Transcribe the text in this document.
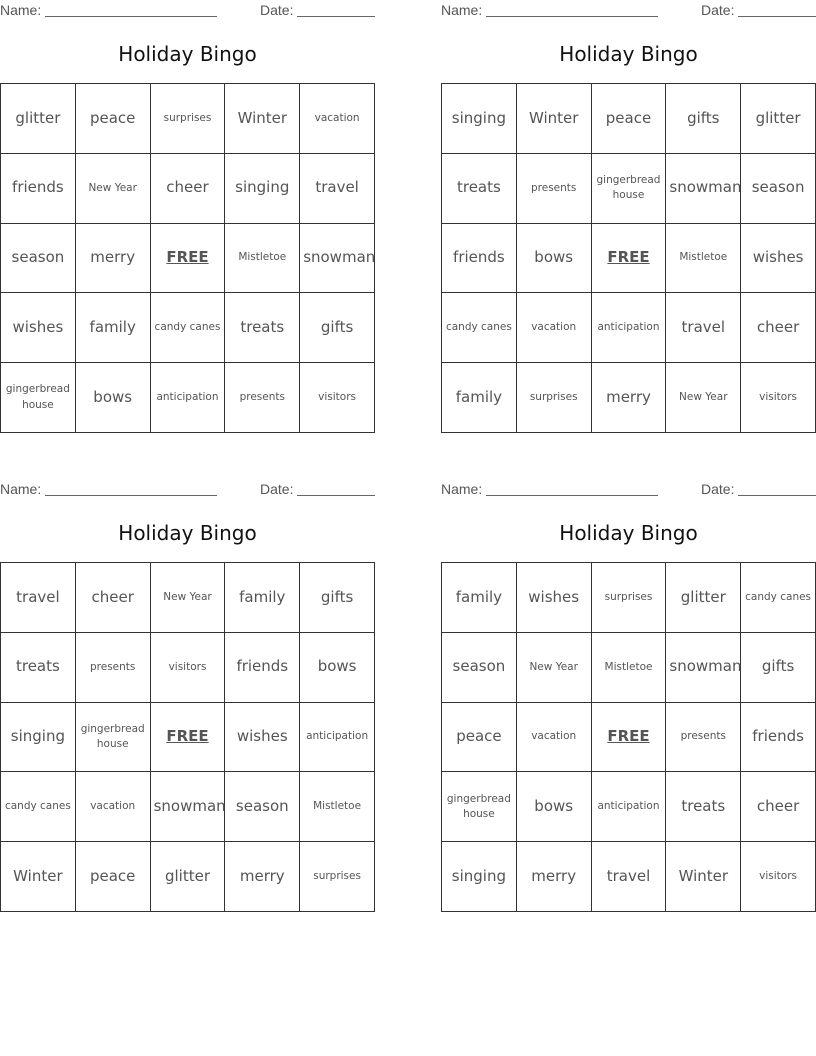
Name:	Date:
Holiday Bingo
glitter	peace	surprises	Winter	vacation
friends	New Year	cheer	singing	travel
season	merry	FREE	Mistletoe	snowman
wishes	family	candy canes	treats	gifts
gingerbread house	bows	anticipation	presents	visitors
Name:	Date:
Holiday Bingo
singing	Winter	peace	gifts	glitter
treats	presents	gingerbread house	snowman	season
friends	bows	FREE	Mistletoe	wishes
candy canes	vacation	anticipation	travel	cheer
family	surprises	merry	New Year	visitors
Name:	Date:
Holiday Bingo
travel	cheer	New Year	family	gifts
treats	presents	visitors	friends	bows
singing	gingerbread house	FREE	wishes	anticipation
candy canes	vacation	snowman	season	Mistletoe
Winter	peace	glitter	merry	surprises
Name:	Date:
Holiday Bingo
family	wishes	surprises	glitter	candy canes
season	New Year	Mistletoe	snowman	gifts
peace	vacation	FREE	presents	friends
gingerbread house	bows	anticipation	treats	cheer
singing	merry	travel	Winter	visitors
